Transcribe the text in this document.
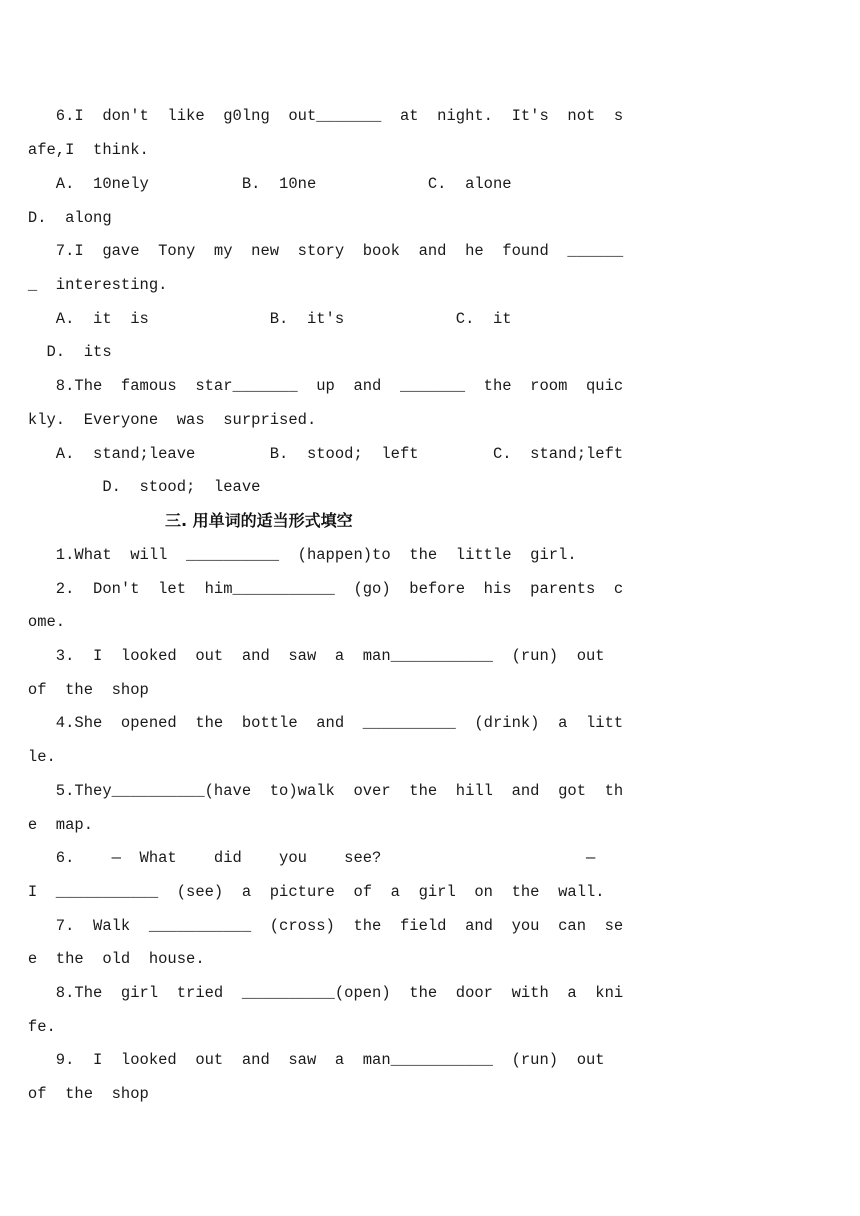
6.I  don't  like  g0lng  out_______  at  night.  It's  not  s
afe,I  think.
A.  10nely          B.  10ne            C.  alone
D.  along
7.I  gave  Tony  my  new  story  book  and  he  found  ______
_  interesting.
A.  it  is             B.  it's            C.  it
D.  its
8.The  famous  star_______  up  and  _______  the  room  quic
kly.  Everyone  was  surprised.
A.  stand;leave        B.  stood;  left        C.  stand;left
D.  stood;  leave
三. 用单词的适当形式填空
1.What  will  __________  (happen)to  the  little  girl.
2.  Don't  let  him___________  (go)  before  his  parents  c
ome.
3.  I  looked  out  and  saw  a  man___________  (run)  out
of  the  shop
4.She  opened  the  bottle  and  __________  (drink)  a  litt
le.
5.They__________(have  to)walk  over  the  hill  and  got  th
e  map.
6.    —  What    did    you    see?                      —
I  ___________  (see)  a  picture  of  a  girl  on  the  wall.
7.  Walk  ___________  (cross)  the  field  and  you  can  se
e  the  old  house.
8.The  girl  tried  __________(open)  the  door  with  a  kni
fe.
9.  I  looked  out  and  saw  a  man___________  (run)  out
of  the  shop
